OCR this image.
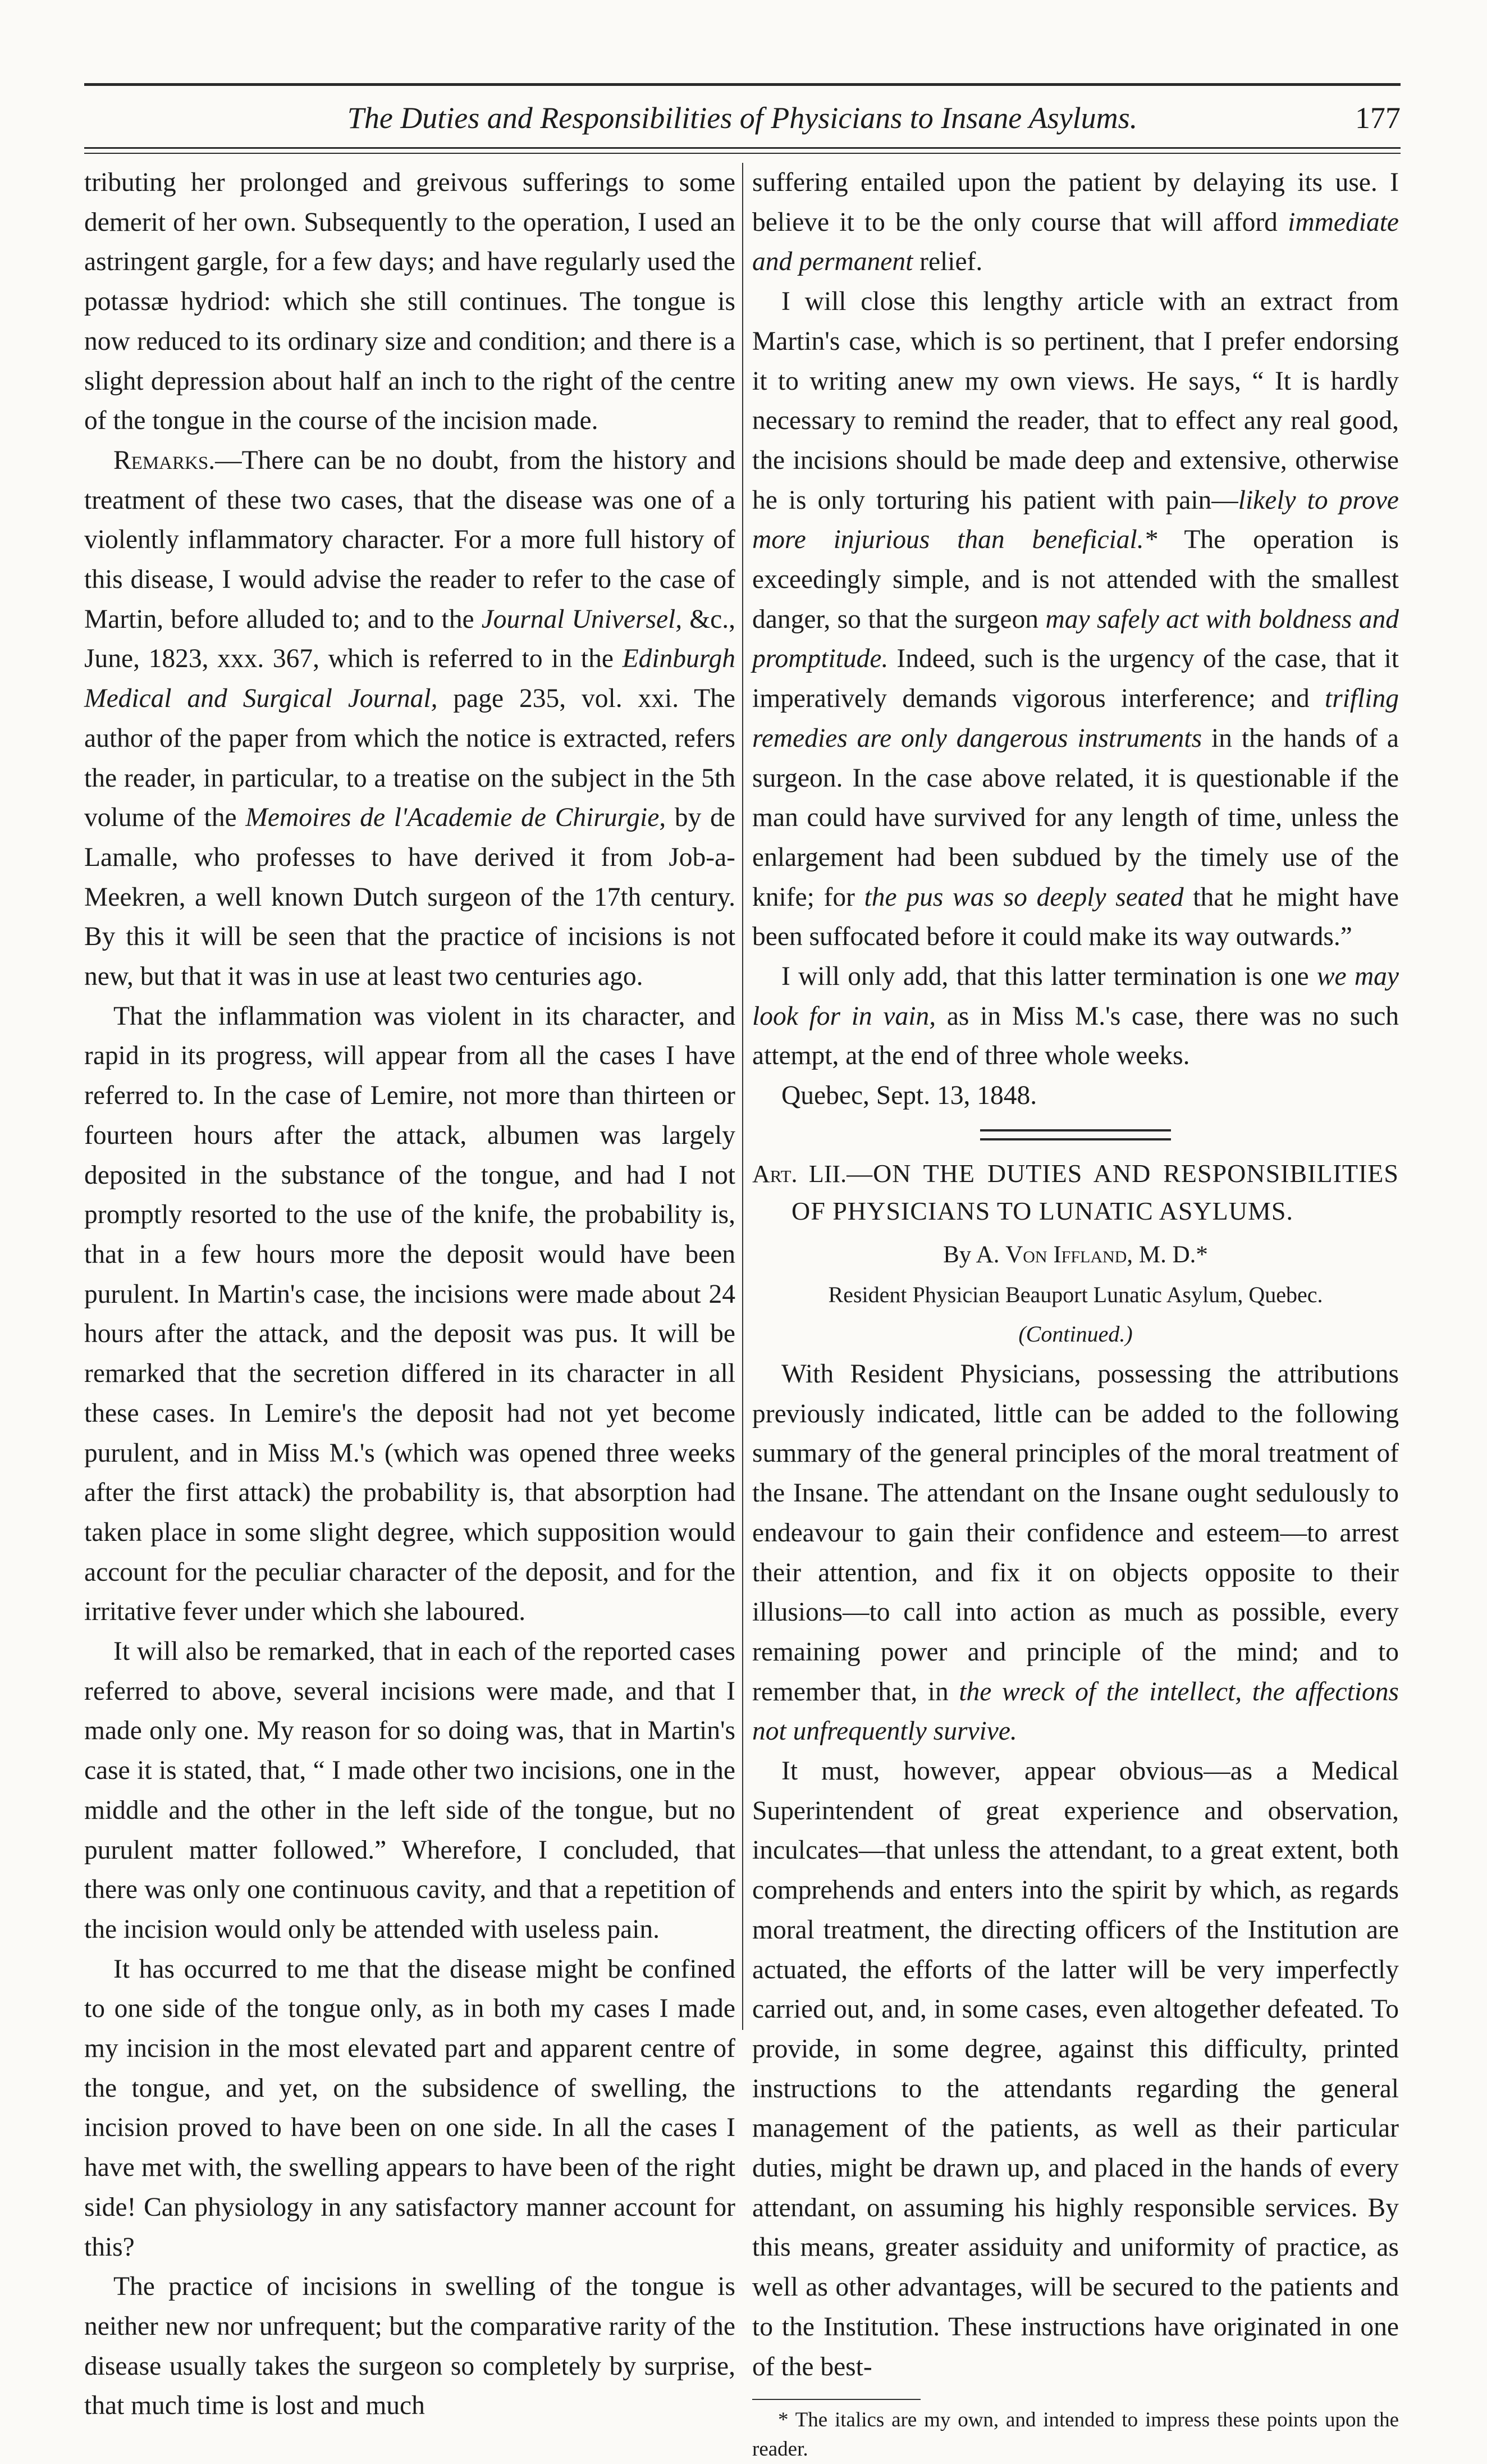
The Duties and Responsibilities of Physicians to Insane Asylums.	177

tributing her prolonged and greivous sufferings to some demerit of her own. Subsequently to the operation, I used an astringent gargle, for a few days; and have regularly used the potassæ hydriod: which she still continues. The tongue is now reduced to its ordinary size and condition; and there is a slight depression about half an inch to the right of the centre of the tongue in the course of the incision made.

Remarks.—There can be no doubt, from the history and treatment of these two cases, that the disease was one of a violently inflammatory character. For a more full history of this disease, I would advise the reader to refer to the case of Martin, before alluded to; and to the Journal Universel, &c., June, 1823, xxx. 367, which is referred to in the Edinburgh Medical and Surgical Journal, page 235, vol. xxi. The author of the paper from which the notice is extracted, refers the reader, in particular, to a treatise on the subject in the 5th volume of the Memoires de l'Academie de Chirurgie, by de Lamalle, who professes to have derived it from Job-a-Meekren, a well known Dutch surgeon of the 17th century. By this it will be seen that the practice of incisions is not new, but that it was in use at least two centuries ago.

That the inflammation was violent in its character, and rapid in its progress, will appear from all the cases I have referred to. In the case of Lemire, not more than thirteen or fourteen hours after the attack, albumen was largely deposited in the substance of the tongue, and had I not promptly resorted to the use of the knife, the probability is, that in a few hours more the deposit would have been purulent. In Martin's case, the incisions were made about 24 hours after the attack, and the deposit was pus. It will be remarked that the secretion differed in its character in all these cases. In Lemire's the deposit had not yet become purulent, and in Miss M.'s (which was opened three weeks after the first attack) the probability is, that absorption had taken place in some slight degree, which supposition would account for the peculiar character of the deposit, and for the irritative fever under which she laboured.

It will also be remarked, that in each of the reported cases referred to above, several incisions were made, and that I made only one. My reason for so doing was, that in Martin's case it is stated, that, “ I made other two incisions, one in the middle and the other in the left side of the tongue, but no purulent matter followed.” Wherefore, I concluded, that there was only one continuous cavity, and that a repetition of the incision would only be attended with useless pain.

It has occurred to me that the disease might be confined to one side of the tongue only, as in both my cases I made my incision in the most elevated part and apparent centre of the tongue, and yet, on the subsidence of swelling, the incision proved to have been on one side. In all the cases I have met with, the swelling appears to have been of the right side! Can physiology in any satisfactory manner account for this?

The practice of incisions in swelling of the tongue is neither new nor unfrequent; but the comparative rarity of the disease usually takes the surgeon so completely by surprise, that much time is lost and much

suffering entailed upon the patient by delaying its use. I believe it to be the only course that will afford immediate and permanent relief.

I will close this lengthy article with an extract from Martin's case, which is so pertinent, that I prefer endorsing it to writing anew my own views. He says, “ It is hardly necessary to remind the reader, that to effect any real good, the incisions should be made deep and extensive, otherwise he is only torturing his patient with pain—likely to prove more injurious than beneficial.* The operation is exceedingly simple, and is not attended with the smallest danger, so that the surgeon may safely act with boldness and promptitude. Indeed, such is the urgency of the case, that it imperatively demands vigorous interference; and trifling remedies are only dangerous instruments in the hands of a surgeon. In the case above related, it is questionable if the man could have survived for any length of time, unless the enlargement had been subdued by the timely use of the knife; for the pus was so deeply seated that he might have been suffocated before it could make its way outwards.”

I will only add, that this latter termination is one we may look for in vain, as in Miss M.'s case, there was no such attempt, at the end of three whole weeks.

Quebec, Sept. 13, 1848.

Art. LII.—ON THE DUTIES AND RESPONSIBILITIES OF PHYSICIANS TO LUNATIC ASYLUMS.

By A. Von Iffland, M. D.*

Resident Physician Beauport Lunatic Asylum, Quebec.

(Continued.)

With Resident Physicians, possessing the attributions previously indicated, little can be added to the following summary of the general principles of the moral treatment of the Insane. The attendant on the Insane ought sedulously to endeavour to gain their confidence and esteem—to arrest their attention, and fix it on objects opposite to their illusions—to call into action as much as possible, every remaining power and principle of the mind; and to remember that, in the wreck of the intellect, the affections not unfrequently survive.

It must, however, appear obvious—as a Medical Superintendent of great experience and observation, inculcates—that unless the attendant, to a great extent, both comprehends and enters into the spirit by which, as regards moral treatment, the directing officers of the Institution are actuated, the efforts of the latter will be very imperfectly carried out, and, in some cases, even altogether defeated. To provide, in some degree, against this difficulty, printed instructions to the attendants regarding the general management of the patients, as well as their particular duties, might be drawn up, and placed in the hands of every attendant, on assuming his highly responsible services. By this means, greater assiduity and uniformity of practice, as well as other advantages, will be secured to the patients and to the Institution. These instructions have originated in one of the best-

* The italics are my own, and intended to impress these points upon the reader.
